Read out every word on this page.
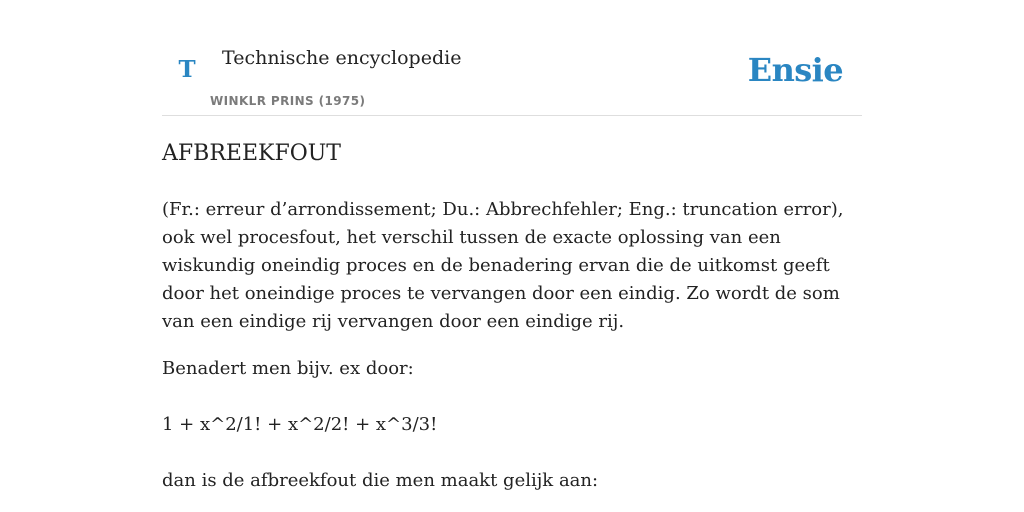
T Technische encyclopedie
WINKLR PRINS (1975)
Ensie
AFBREEKFOUT

(Fr.: erreur d’arrondissement; Du.: Abbrechfehler; Eng.: truncation error), ook wel procesfout, het verschil tussen de exacte oplossing van een wiskundig oneindig proces en de benadering ervan die de uitkomst geeft door het oneindige proces te vervangen door een eindig. Zo wordt de som van een eindige rij vervangen door een eindige rij.

Benadert men bijv. ex door:

1 + x^2/1! + x^2/2! + x^3/3!

dan is de afbreekfout die men maakt gelijk aan:
